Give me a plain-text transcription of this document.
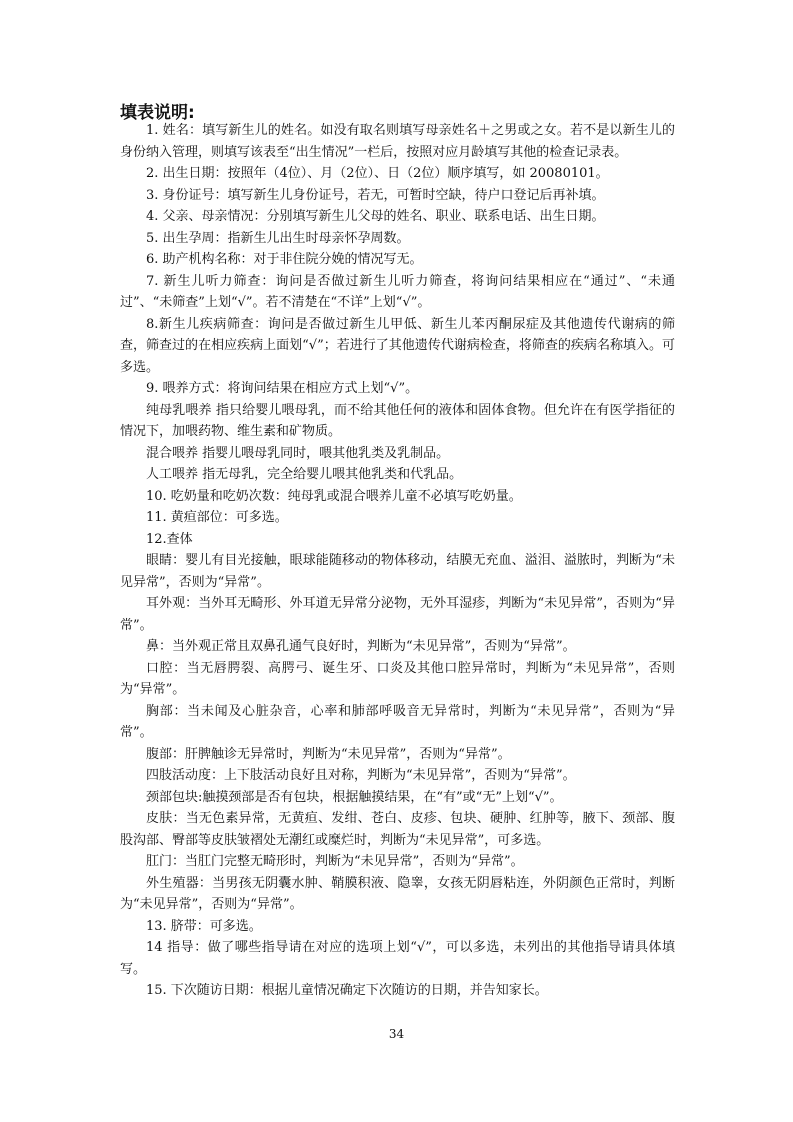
填表说明:

1. 姓名：填写新生儿的姓名。如没有取名则填写母亲姓名＋之男或之女。若不是以新生儿的身份纳入管理，则填写该表至“出生情况”一栏后，按照对应月龄填写其他的检查记录表。

2. 出生日期：按照年（4位）、月（2位）、日（2位）顺序填写，如 20080101。

3. 身份证号：填写新生儿身份证号，若无，可暂时空缺，待户口登记后再补填。

4. 父亲、母亲情况：分别填写新生儿父母的姓名、职业、联系电话、出生日期。

5. 出生孕周：指新生儿出生时母亲怀孕周数。

6. 助产机构名称：对于非住院分娩的情况写无。

7. 新生儿听力筛查：询问是否做过新生儿听力筛查，将询问结果相应在“通过”、“未通过”、“未筛查”上划“√”。若不清楚在“不详”上划“√”。

8.新生儿疾病筛查：询问是否做过新生儿甲低、新生儿苯丙酮尿症及其他遗传代谢病的筛查，筛查过的在相应疾病上面划“√”；若进行了其他遗传代谢病检查，将筛查的疾病名称填入。可多选。

9. 喂养方式：将询问结果在相应方式上划“√”。

纯母乳喂养 指只给婴儿喂母乳，而不给其他任何的液体和固体食物。但允许在有医学指征的情况下，加喂药物、维生素和矿物质。

混合喂养 指婴儿喂母乳同时，喂其他乳类及乳制品。

人工喂养 指无母乳，完全给婴儿喂其他乳类和代乳品。

10. 吃奶量和吃奶次数：纯母乳或混合喂养儿童不必填写吃奶量。

11. 黄疸部位：可多选。

12.查体

眼睛：婴儿有目光接触，眼球能随移动的物体移动，结膜无充血、溢泪、溢脓时，判断为“未见异常”，否则为“异常”。

耳外观：当外耳无畸形、外耳道无异常分泌物，无外耳湿疹，判断为“未见异常”，否则为“异常”。

鼻：当外观正常且双鼻孔通气良好时，判断为“未见异常”，否则为“异常”。

口腔：当无唇腭裂、高腭弓、诞生牙、口炎及其他口腔异常时，判断为“未见异常”，否则为“异常”。

胸部：当未闻及心脏杂音，心率和肺部呼吸音无异常时，判断为“未见异常”，否则为“异常”。

腹部：肝脾触诊无异常时，判断为“未见异常”，否则为“异常”。

四肢活动度：上下肢活动良好且对称，判断为“未见异常”，否则为“异常”。

颈部包块:触摸颈部是否有包块，根据触摸结果，在“有”或“无”上划“√”。

皮肤：当无色素异常，无黄疸、发绀、苍白、皮疹、包块、硬肿、红肿等，腋下、颈部、腹股沟部、臀部等皮肤皱褶处无潮红或糜烂时，判断为“未见异常”，可多选。

肛门：当肛门完整无畸形时，判断为“未见异常”，否则为“异常”。

外生殖器：当男孩无阴囊水肿、鞘膜积液、隐睾，女孩无阴唇粘连，外阴颜色正常时，判断为“未见异常”，否则为“异常”。

13. 脐带：可多选。

14 指导：做了哪些指导请在对应的选项上划“√”，可以多选，未列出的其他指导请具体填写。

15. 下次随访日期：根据儿童情况确定下次随访的日期，并告知家长。

34
